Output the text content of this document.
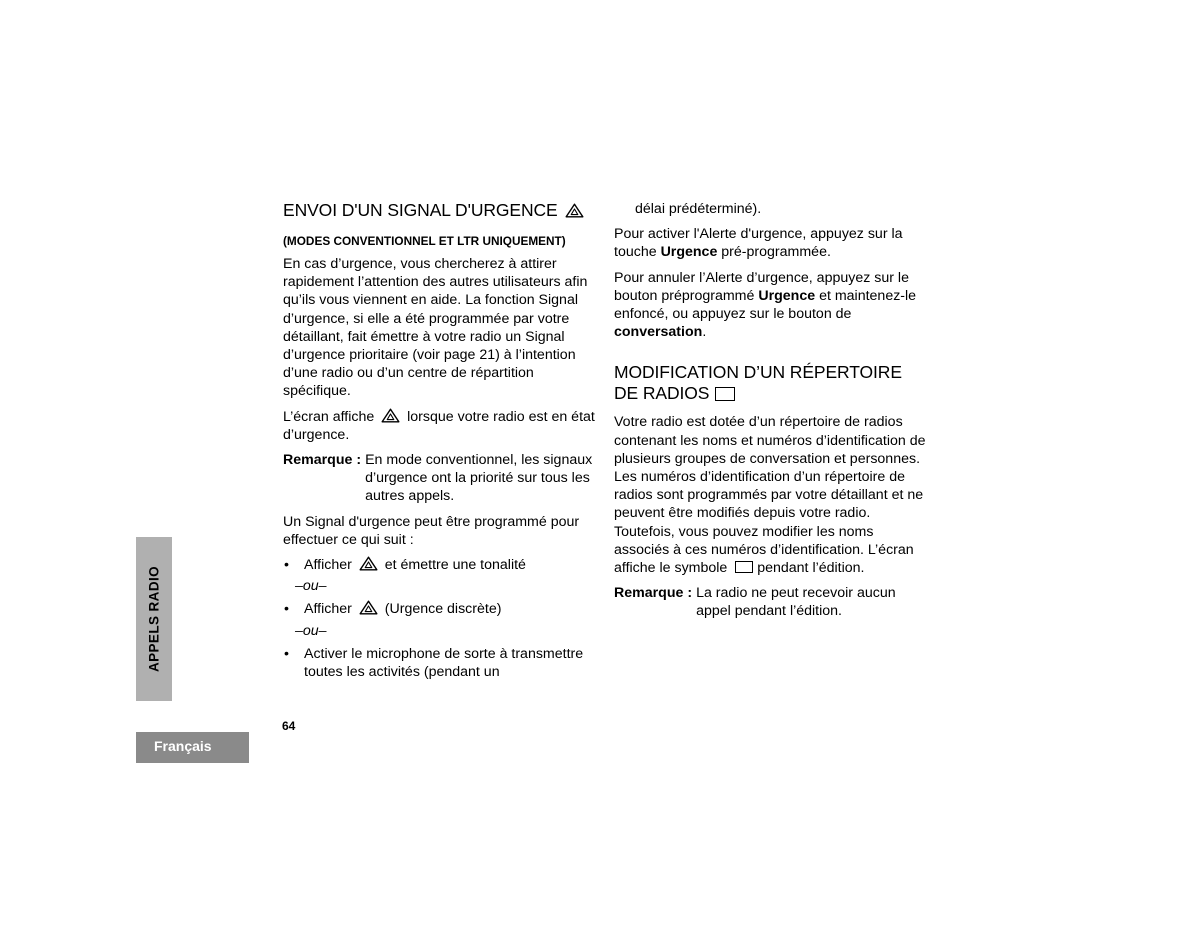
ENVOI D'UN SIGNAL D'URGENCE
(MODES CONVENTIONNEL ET LTR UNIQUEMENT)

En cas d’urgence, vous chercherez à attirer rapidement l’attention des autres utilisateurs afin qu’ils vous viennent en aide. La fonction Signal d’urgence, si elle a été programmée par votre détaillant, fait émettre à votre radio un Signal d’urgence prioritaire (voir page 21) à l’intention d’une radio ou d’un centre de répartition spécifique.

L’écran affiche lorsque votre radio est en état d’urgence.

Remarque : En mode conventionnel, les signaux d’urgence ont la priorité sur tous les autres appels.

Un Signal d'urgence peut être programmé pour effectuer ce qui suit :

• Afficher et émettre une tonalité
–ou–
• Afficher (Urgence discrète)
–ou–
• Activer le microphone de sorte à transmettre toutes les activités (pendant un
délai prédéterminé).

Pour activer l'Alerte d'urgence, appuyez sur la touche Urgence pré-programmée.

Pour annuler l’Alerte d’urgence, appuyez sur le bouton préprogrammé Urgence et maintenez-le enfoncé, ou appuyez sur le bouton de conversation.

MODIFICATION D’UN RÉPERTOIRE DE RADIOS

Votre radio est dotée d’un répertoire de radios contenant les noms et numéros d’identification de plusieurs groupes de conversation et personnes. Les numéros d’identification d’un répertoire de radios sont programmés par votre détaillant et ne peuvent être modifiés depuis votre radio. Toutefois, vous pouvez modifier les noms associés à ces numéros d’identification. L’écran affiche le symbole pendant l’édition.

Remarque : La radio ne peut recevoir aucun appel pendant l’édition.
APPELS RADIO
Français
64
